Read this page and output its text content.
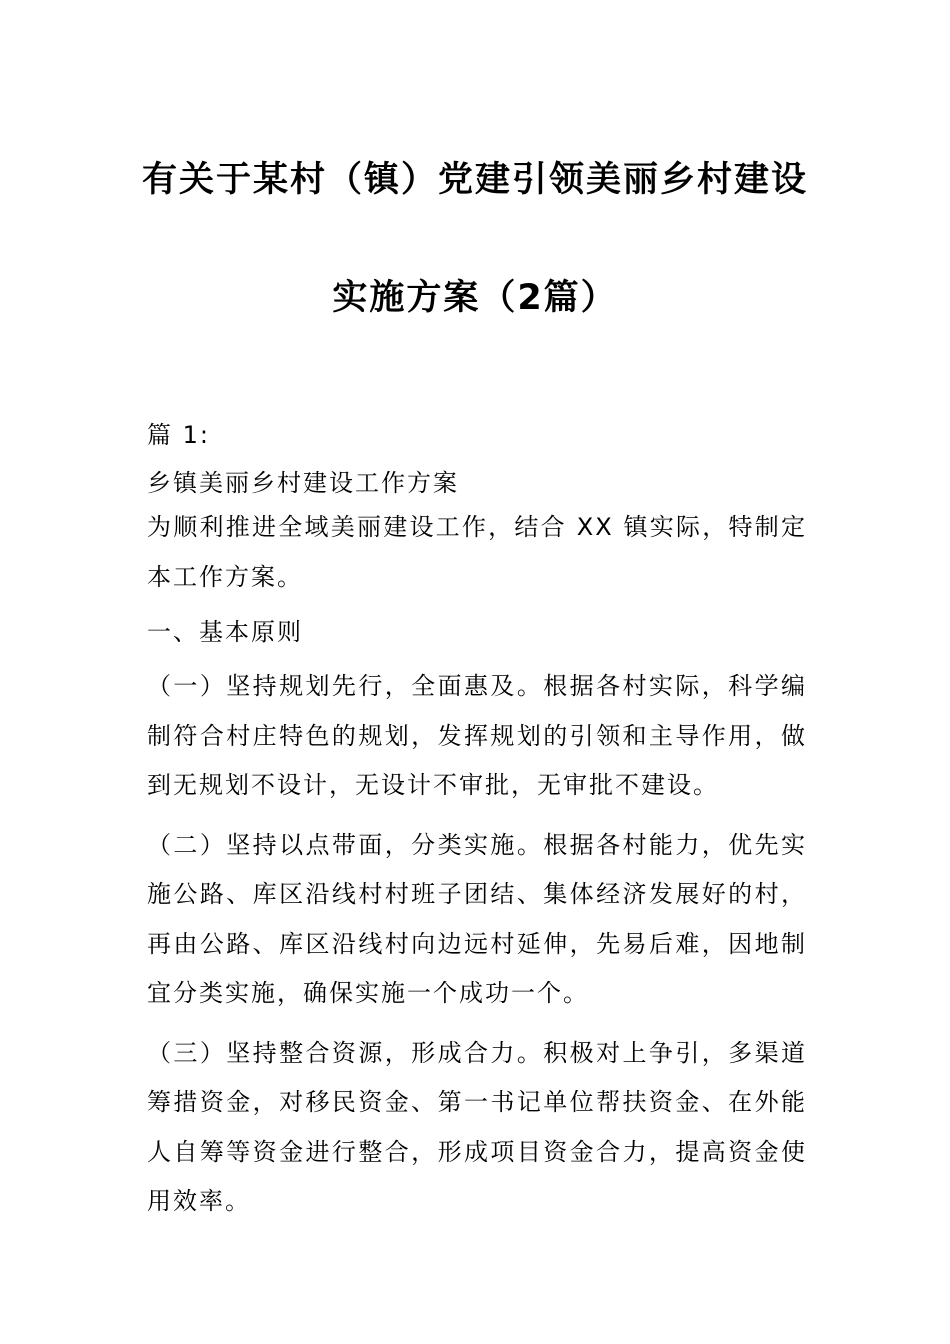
有关于某村（镇）党建引领美丽乡村建设
实施方案（2篇）

篇 1:

乡镇美丽乡村建设工作方案

为顺利推进全域美丽建设工作，结合 XX 镇实际，特制定本工作方案。

一、基本原则

（一）坚持规划先行，全面惠及。根据各村实际，科学编制符合村庄特色的规划，发挥规划的引领和主导作用，做到无规划不设计，无设计不审批，无审批不建设。

（二）坚持以点带面，分类实施。根据各村能力，优先实施公路、库区沿线村村班子团结、集体经济发展好的村，再由公路、库区沿线村向边远村延伸，先易后难，因地制宜分类实施，确保实施一个成功一个。

（三）坚持整合资源，形成合力。积极对上争引，多渠道筹措资金，对移民资金、第一书记单位帮扶资金、在外能人自筹等资金进行整合，形成项目资金合力，提高资金使用效率。
